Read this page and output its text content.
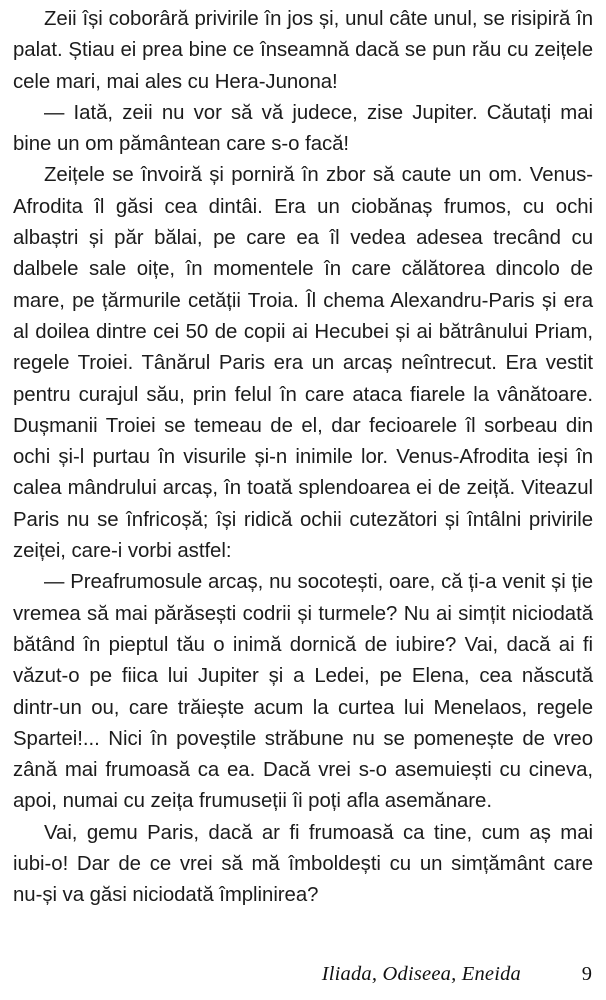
Zeii își coborâră privirile în jos și, unul câte unul, se risipiră în palat. Știau ei prea bine ce înseamnă dacă se pun rău cu zeițele cele mari, mai ales cu Hera-Junona!

— Iată, zeii nu vor să vă judece, zise Jupiter. Căutați mai bine un om pământean care s-o facă!

Zeițele se învoiră și porniră în zbor să caute un om. Venus-Afrodita îl găsi cea dintâi. Era un ciobănaș frumos, cu ochi albaștri și păr bălai, pe care ea îl vedea adesea trecând cu dalbele sale oițe, în momentele în care călătorea dincolo de mare, pe țărmurile cetății Troia. Îl chema Alexandru-Paris și era al doilea dintre cei 50 de copii ai Hecubei și ai bătrânului Priam, regele Troiei. Tânărul Paris era un arcaș neîntrecut. Era vestit pentru curajul său, prin felul în care ataca fiarele la vânătoare. Dușmanii Troiei se temeau de el, dar fecioarele îl sorbeau din ochi și-l purtau în visurile și-n inimile lor. Venus-Afrodita ieși în calea mândrului arcaș, în toată splendoarea ei de zeiță. Viteazul Paris nu se înfricoșă; își ridică ochii cutezători și întâlni privirile zeiței, care-i vorbi astfel:

— Preafrumosule arcaș, nu socotești, oare, că ți-a venit și ție vremea să mai părăsești codrii și turmele? Nu ai simțit niciodată bătând în pieptul tău o inimă dornică de iubire? Vai, dacă ai fi văzut-o pe fiica lui Jupiter și a Ledei, pe Elena, cea născută dintr-un ou, care trăiește acum la curtea lui Menelaos, regele Spartei!... Nici în poveștile străbune nu se pomenește de vreo zână mai frumoasă ca ea. Dacă vrei s-o asemuiești cu cineva, apoi, numai cu zeița frumuseții îi poți afla asemănare.

Vai, gemu Paris, dacă ar fi frumoasă ca tine, cum aș mai iubi-o! Dar de ce vrei să mă îmboldești cu un simțământ care nu-și va găsi niciodată împlinirea?

Iliada, Odiseea, Eneida	9
